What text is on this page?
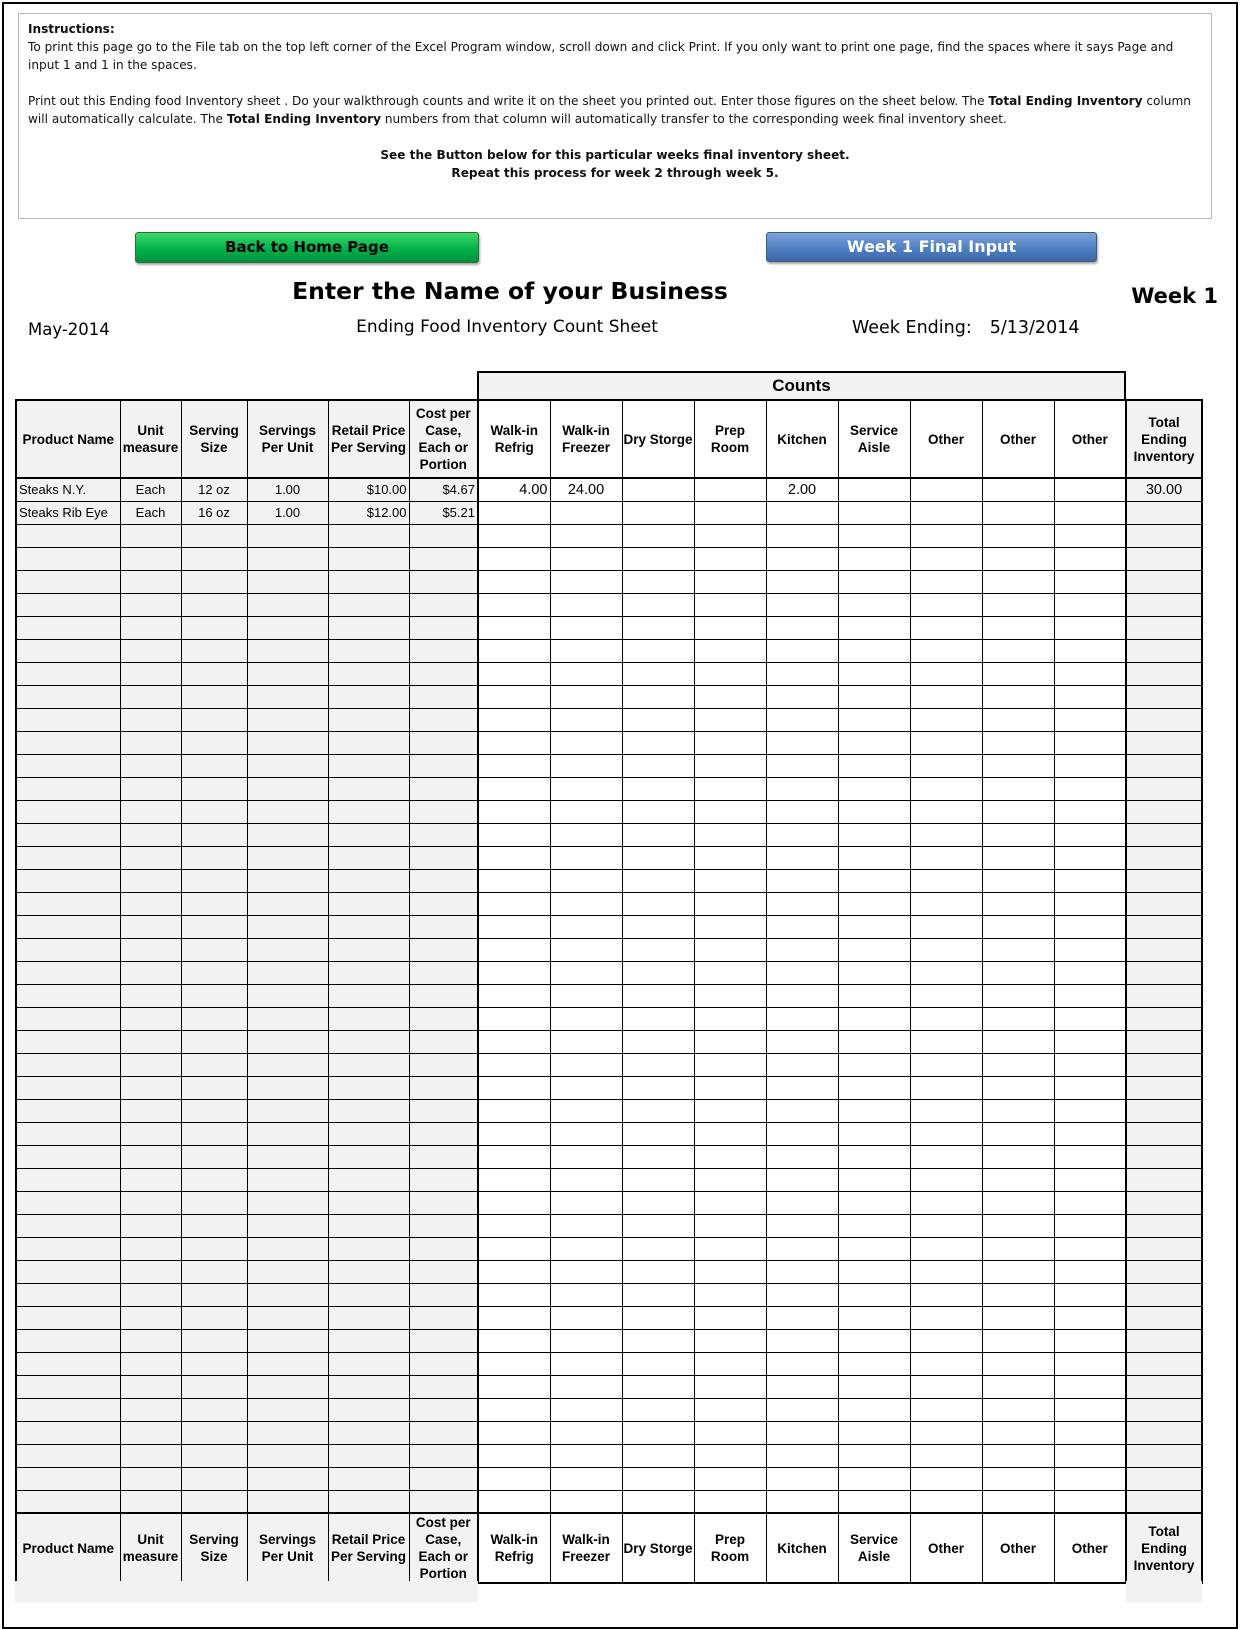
Instructions:

To print this page go to the File tab on the top left corner of the Excel Program window, scroll down and click Print. If you only want to print one page, find the spaces where it says Page and input 1 and 1 in the spaces.

Print out this Ending food Inventory sheet . Do your walkthrough counts and write it on the sheet you printed out. Enter those figures on the sheet below. The Total Ending Inventory column will automatically calculate. The Total Ending Inventory numbers from that column will automatically transfer to the corresponding week final inventory sheet.

See the Button below for this particular weeks final inventory sheet.

Repeat this process for week 2 through week 5.

Back to Home Page	Week 1 Final Input
Enter the Name of your Business	Week 1
May-2014	Ending Food Inventory Count Sheet	Week Ending: 5/13/2014
Counts
Product Name	Unit measure	Serving Size	Servings Per Unit	Retail Price Per Serving	Cost per Case, Each or Portion	Walk-in Refrig	Walk-in Freezer	Dry Storge	Prep Room	Kitchen	Service Aisle	Other	Other	Other	Total Ending Inventory
Steaks N.Y.	Each	12 oz	1.00	$10.00	$4.67	4.00	24.00			2.00					30.00
Steaks Rib Eye	Each	16 oz	1.00	$12.00	$5.21										

Product Name	Unit measure	Serving Size	Servings Per Unit	Retail Price Per Serving	Cost per Case, Each or Portion	Walk-in Refrig	Walk-in Freezer	Dry Storge	Prep Room	Kitchen	Service Aisle	Other	Other	Other	Total Ending Inventory
